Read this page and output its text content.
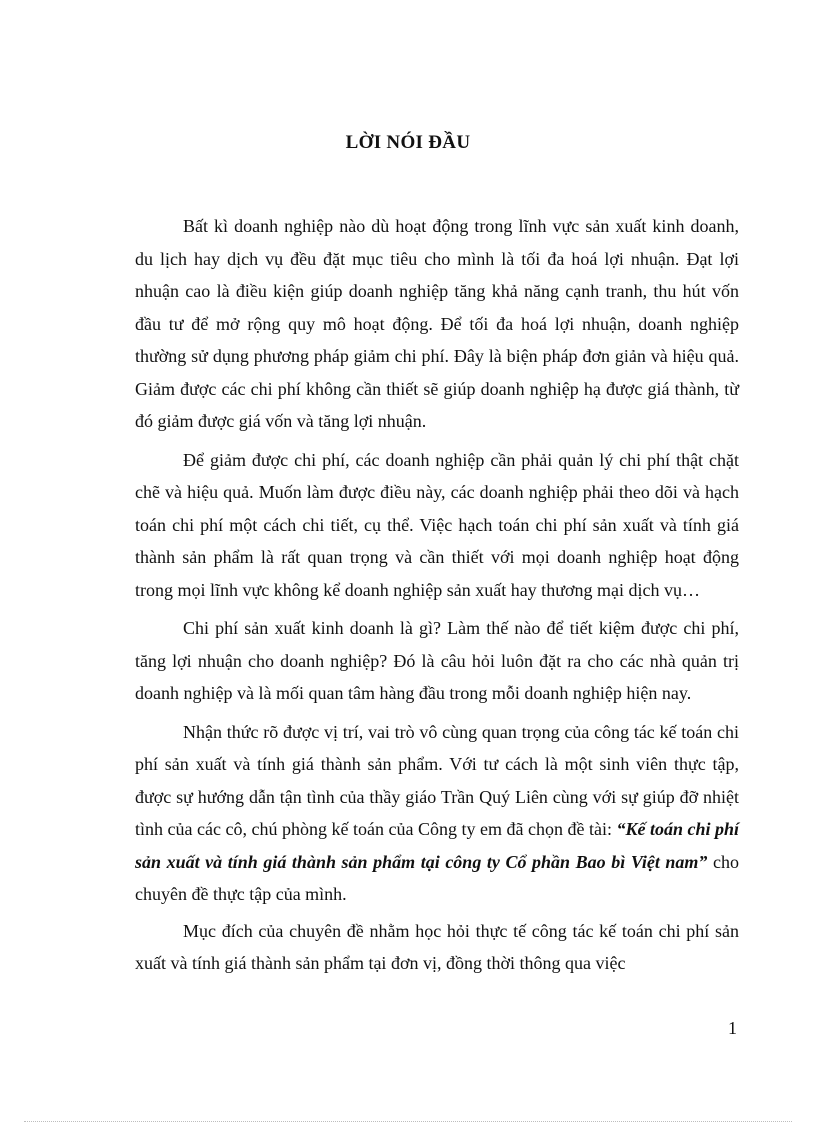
LỜI NÓI ĐẦU

Bất kì doanh nghiệp nào dù hoạt động trong lĩnh vực sản xuất kinh doanh, du lịch hay dịch vụ đều đặt mục tiêu cho mình là tối đa hoá lợi nhuận. Đạt lợi nhuận cao là điều kiện giúp doanh nghiệp tăng khả năng cạnh tranh, thu hút vốn đầu tư để mở rộng quy mô hoạt động. Để tối đa hoá lợi nhuận, doanh nghiệp thường sử dụng phương pháp giảm chi phí. Đây là biện pháp đơn giản và hiệu quả. Giảm được các chi phí không cần thiết sẽ giúp doanh nghiệp hạ được giá thành, từ đó giảm được giá vốn và tăng lợi nhuận.

Để giảm được chi phí, các doanh nghiệp cần phải quản lý chi phí thật chặt chẽ và hiệu quả. Muốn làm được điều này, các doanh nghiệp phải theo dõi và hạch toán chi phí một cách chi tiết, cụ thể. Việc hạch toán chi phí sản xuất và tính giá thành sản phẩm là rất quan trọng và cần thiết với mọi doanh nghiệp hoạt động trong mọi lĩnh vực không kể doanh nghiệp sản xuất hay thương mại dịch vụ…

Chi phí sản xuất kinh doanh là gì? Làm thế nào để tiết kiệm được chi phí, tăng lợi nhuận cho doanh nghiệp? Đó là câu hỏi luôn đặt ra cho các nhà quản trị doanh nghiệp và là mối quan tâm hàng đầu trong mỗi doanh nghiệp hiện nay.

Nhận thức rõ được vị trí, vai trò vô cùng quan trọng của công tác kế toán chi phí sản xuất và tính giá thành sản phẩm. Với tư cách là một sinh viên thực tập, được sự hướng dẫn tận tình của thầy giáo Trần Quý Liên cùng với sự giúp đỡ nhiệt tình của các cô, chú phòng kế toán của Công ty em đã chọn đề tài: “Kế toán chi phí sản xuất và tính giá thành sản phẩm tại công ty Cổ phần Bao bì Việt nam” cho chuyên đề thực tập của mình.

Mục đích của chuyên đề nhằm học hỏi thực tế công tác kế toán chi phí sản xuất và tính giá thành sản phẩm tại đơn vị, đồng thời thông qua việc

1
